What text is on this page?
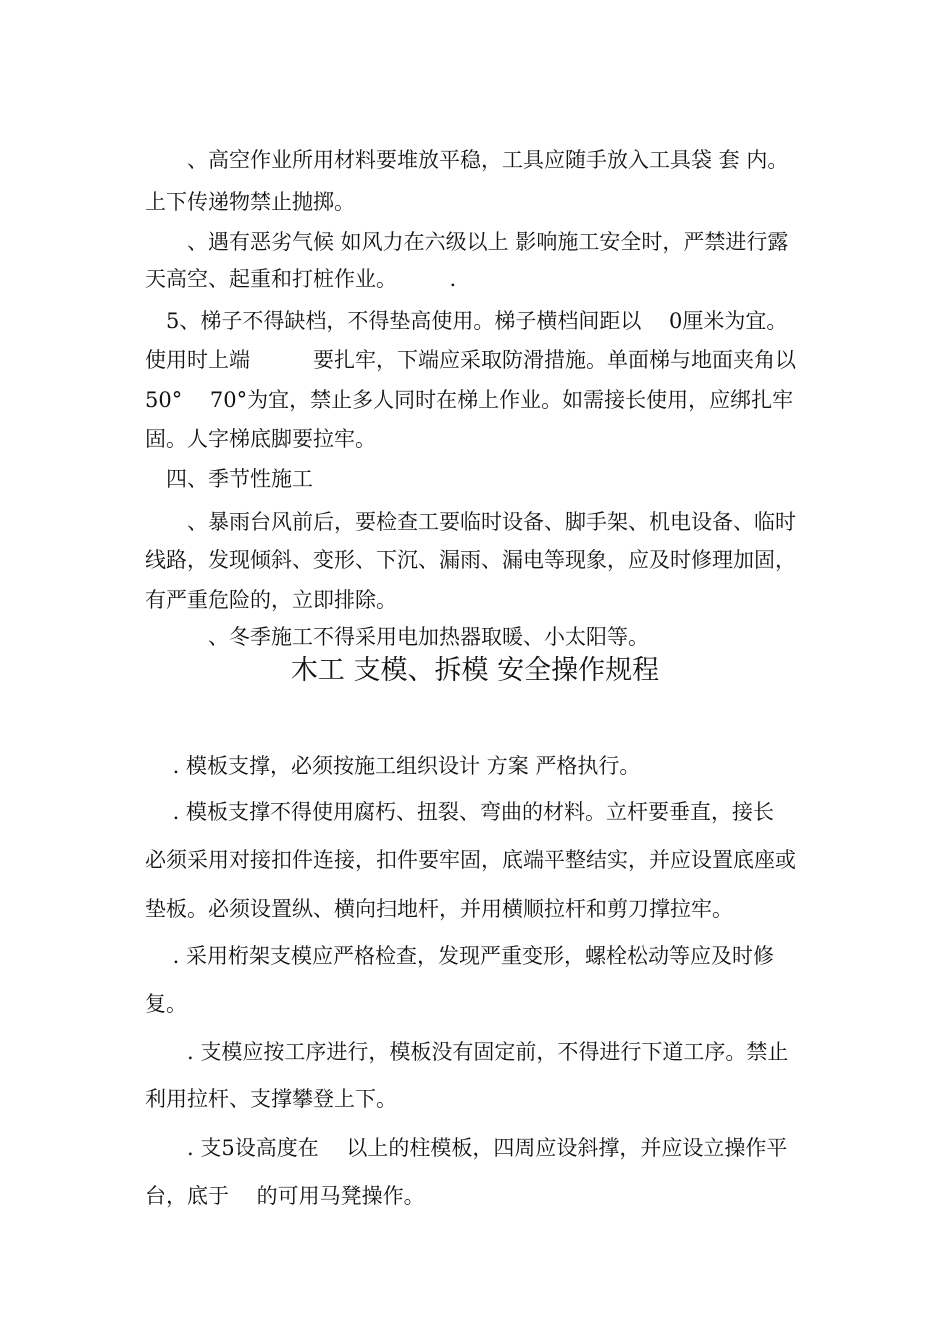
　　、高空作业所用材料要堆放平稳，工具应随手放入工具袋 套 内。

上下传递物禁止抛掷。

　　、遇有恶劣气候 如风力在六级以上 影响施工安全时，严禁进行露

天高空、起重和打桩作业。　　　.

　5、梯子不得缺档，不得垫高使用。梯子横档间距以　 0厘米为宜。

使用时上端　　　要扎牢，下端应采取防滑措施。单面梯与地面夹角以

50°　 70°为宜，禁止多人同时在梯上作业。如需接长使用，应绑扎牢

固。人字梯底脚要拉牢。

　四、季节性施工

　　、暴雨台风前后，要检查工要临时设备、脚手架、机电设备、临时

线路，发现倾斜、变形、下沉、漏雨、漏电等现象，应及时修理加固，

有严重危险的，立即排除。

　　　、冬季施工不得采用电加热器取暖、小太阳等。

木工 支模、拆模 安全操作规程

　 . 模板支撑，必须按施工组织设计 方案 严格执行。

　 . 模板支撑不得使用腐朽、扭裂、弯曲的材料。立杆要垂直，接长

必须采用对接扣件连接，扣件要牢固，底端平整结实，并应设置底座或

垫板。必须设置纵、横向扫地杆，并用横顺拉杆和剪刀撑拉牢。

　 . 采用桁架支模应严格检查，发现严重变形，螺栓松动等应及时修

复。

　　. 支模应按工序进行，模板没有固定前，不得进行下道工序。禁止

利用拉杆、支撑攀登上下。

　　. 支5设高度在　 以上的柱模板，四周应设斜撑，并应设立操作平

台，底于　 的可用马凳操作。
